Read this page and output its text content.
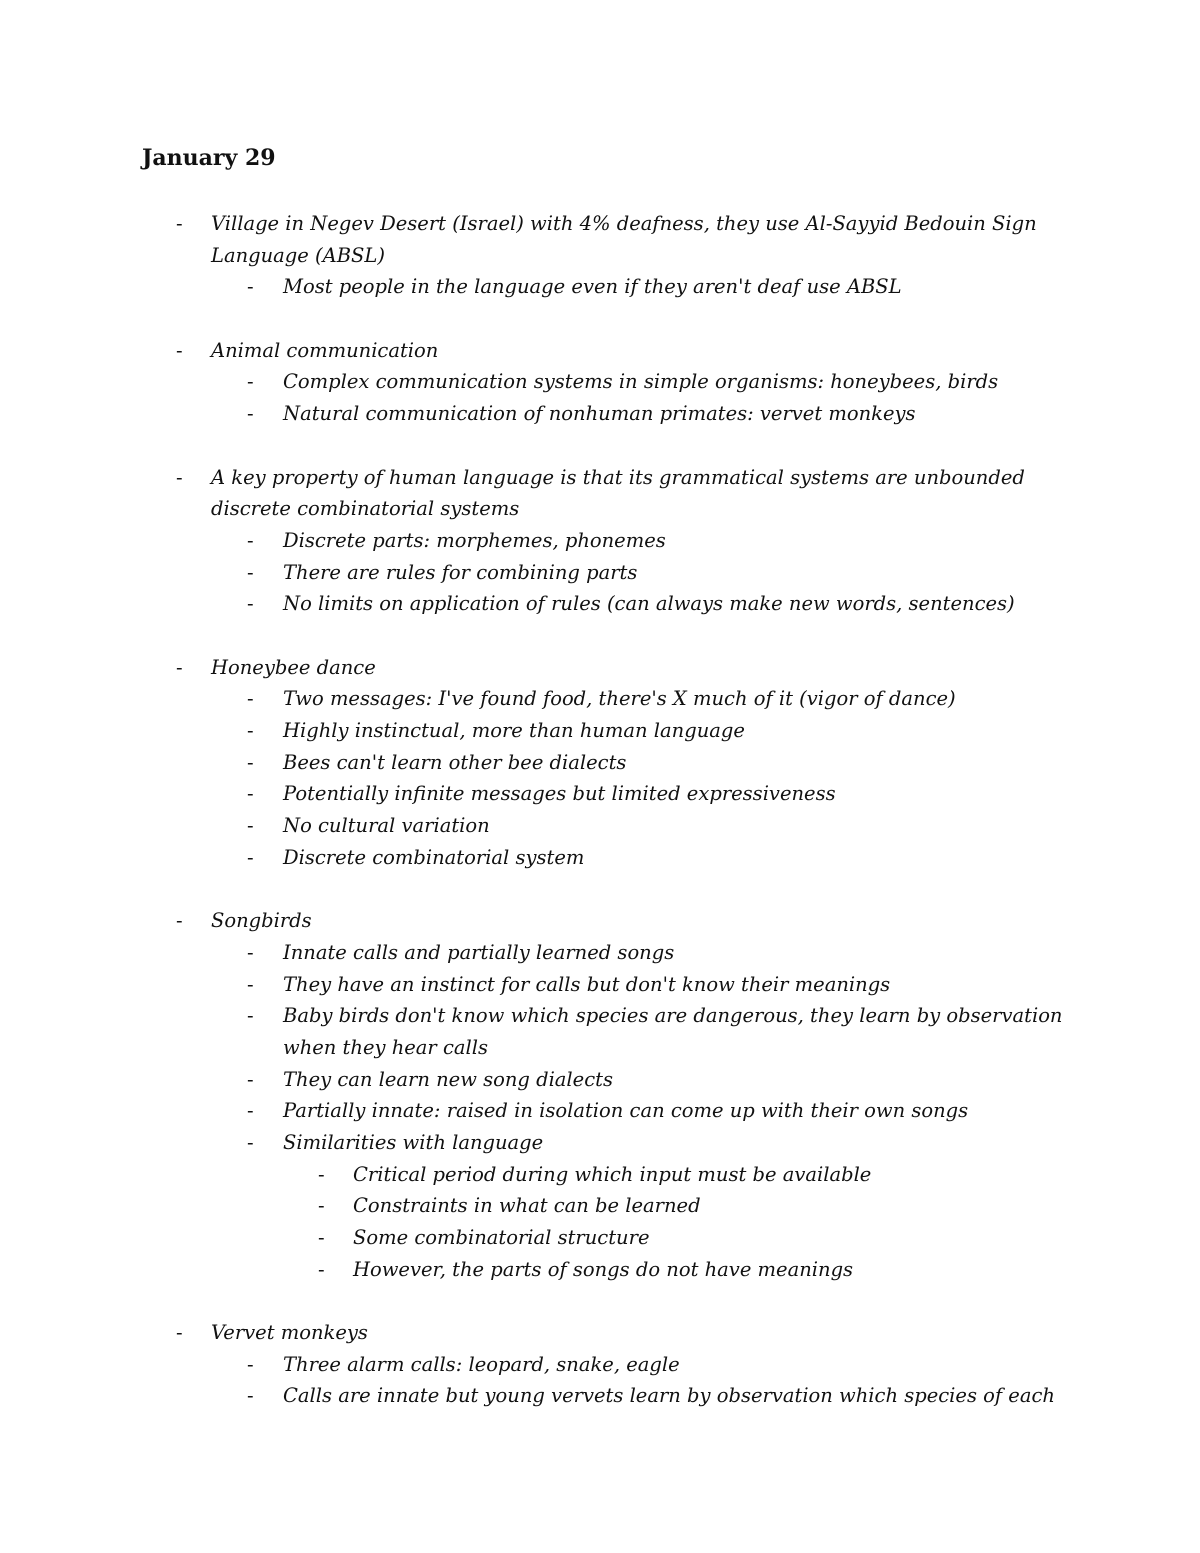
January 29
- Village in Negev Desert (Israel) with 4% deafness, they use Al-Sayyid Bedouin Sign
Language (ABSL)
- Most people in the language even if they aren't deaf use ABSL
- Animal communication
- Complex communication systems in simple organisms: honeybees, birds
- Natural communication of nonhuman primates: vervet monkeys
- A key property of human language is that its grammatical systems are unbounded
discrete combinatorial systems
- Discrete parts: morphemes, phonemes
- There are rules for combining parts
- No limits on application of rules (can always make new words, sentences)
- Honeybee dance
- Two messages: I've found food, there's X much of it (vigor of dance)
- Highly instinctual, more than human language
- Bees can't learn other bee dialects
- Potentially infinite messages but limited expressiveness
- No cultural variation
- Discrete combinatorial system
- Songbirds
- Innate calls and partially learned songs
- They have an instinct for calls but don't know their meanings
- Baby birds don't know which species are dangerous, they learn by observation
when they hear calls
- They can learn new song dialects
- Partially innate: raised in isolation can come up with their own songs
- Similarities with language
- Critical period during which input must be available
- Constraints in what can be learned
- Some combinatorial structure
- However, the parts of songs do not have meanings
- Vervet monkeys
- Three alarm calls: leopard, snake, eagle
- Calls are innate but young vervets learn by observation which species of each
